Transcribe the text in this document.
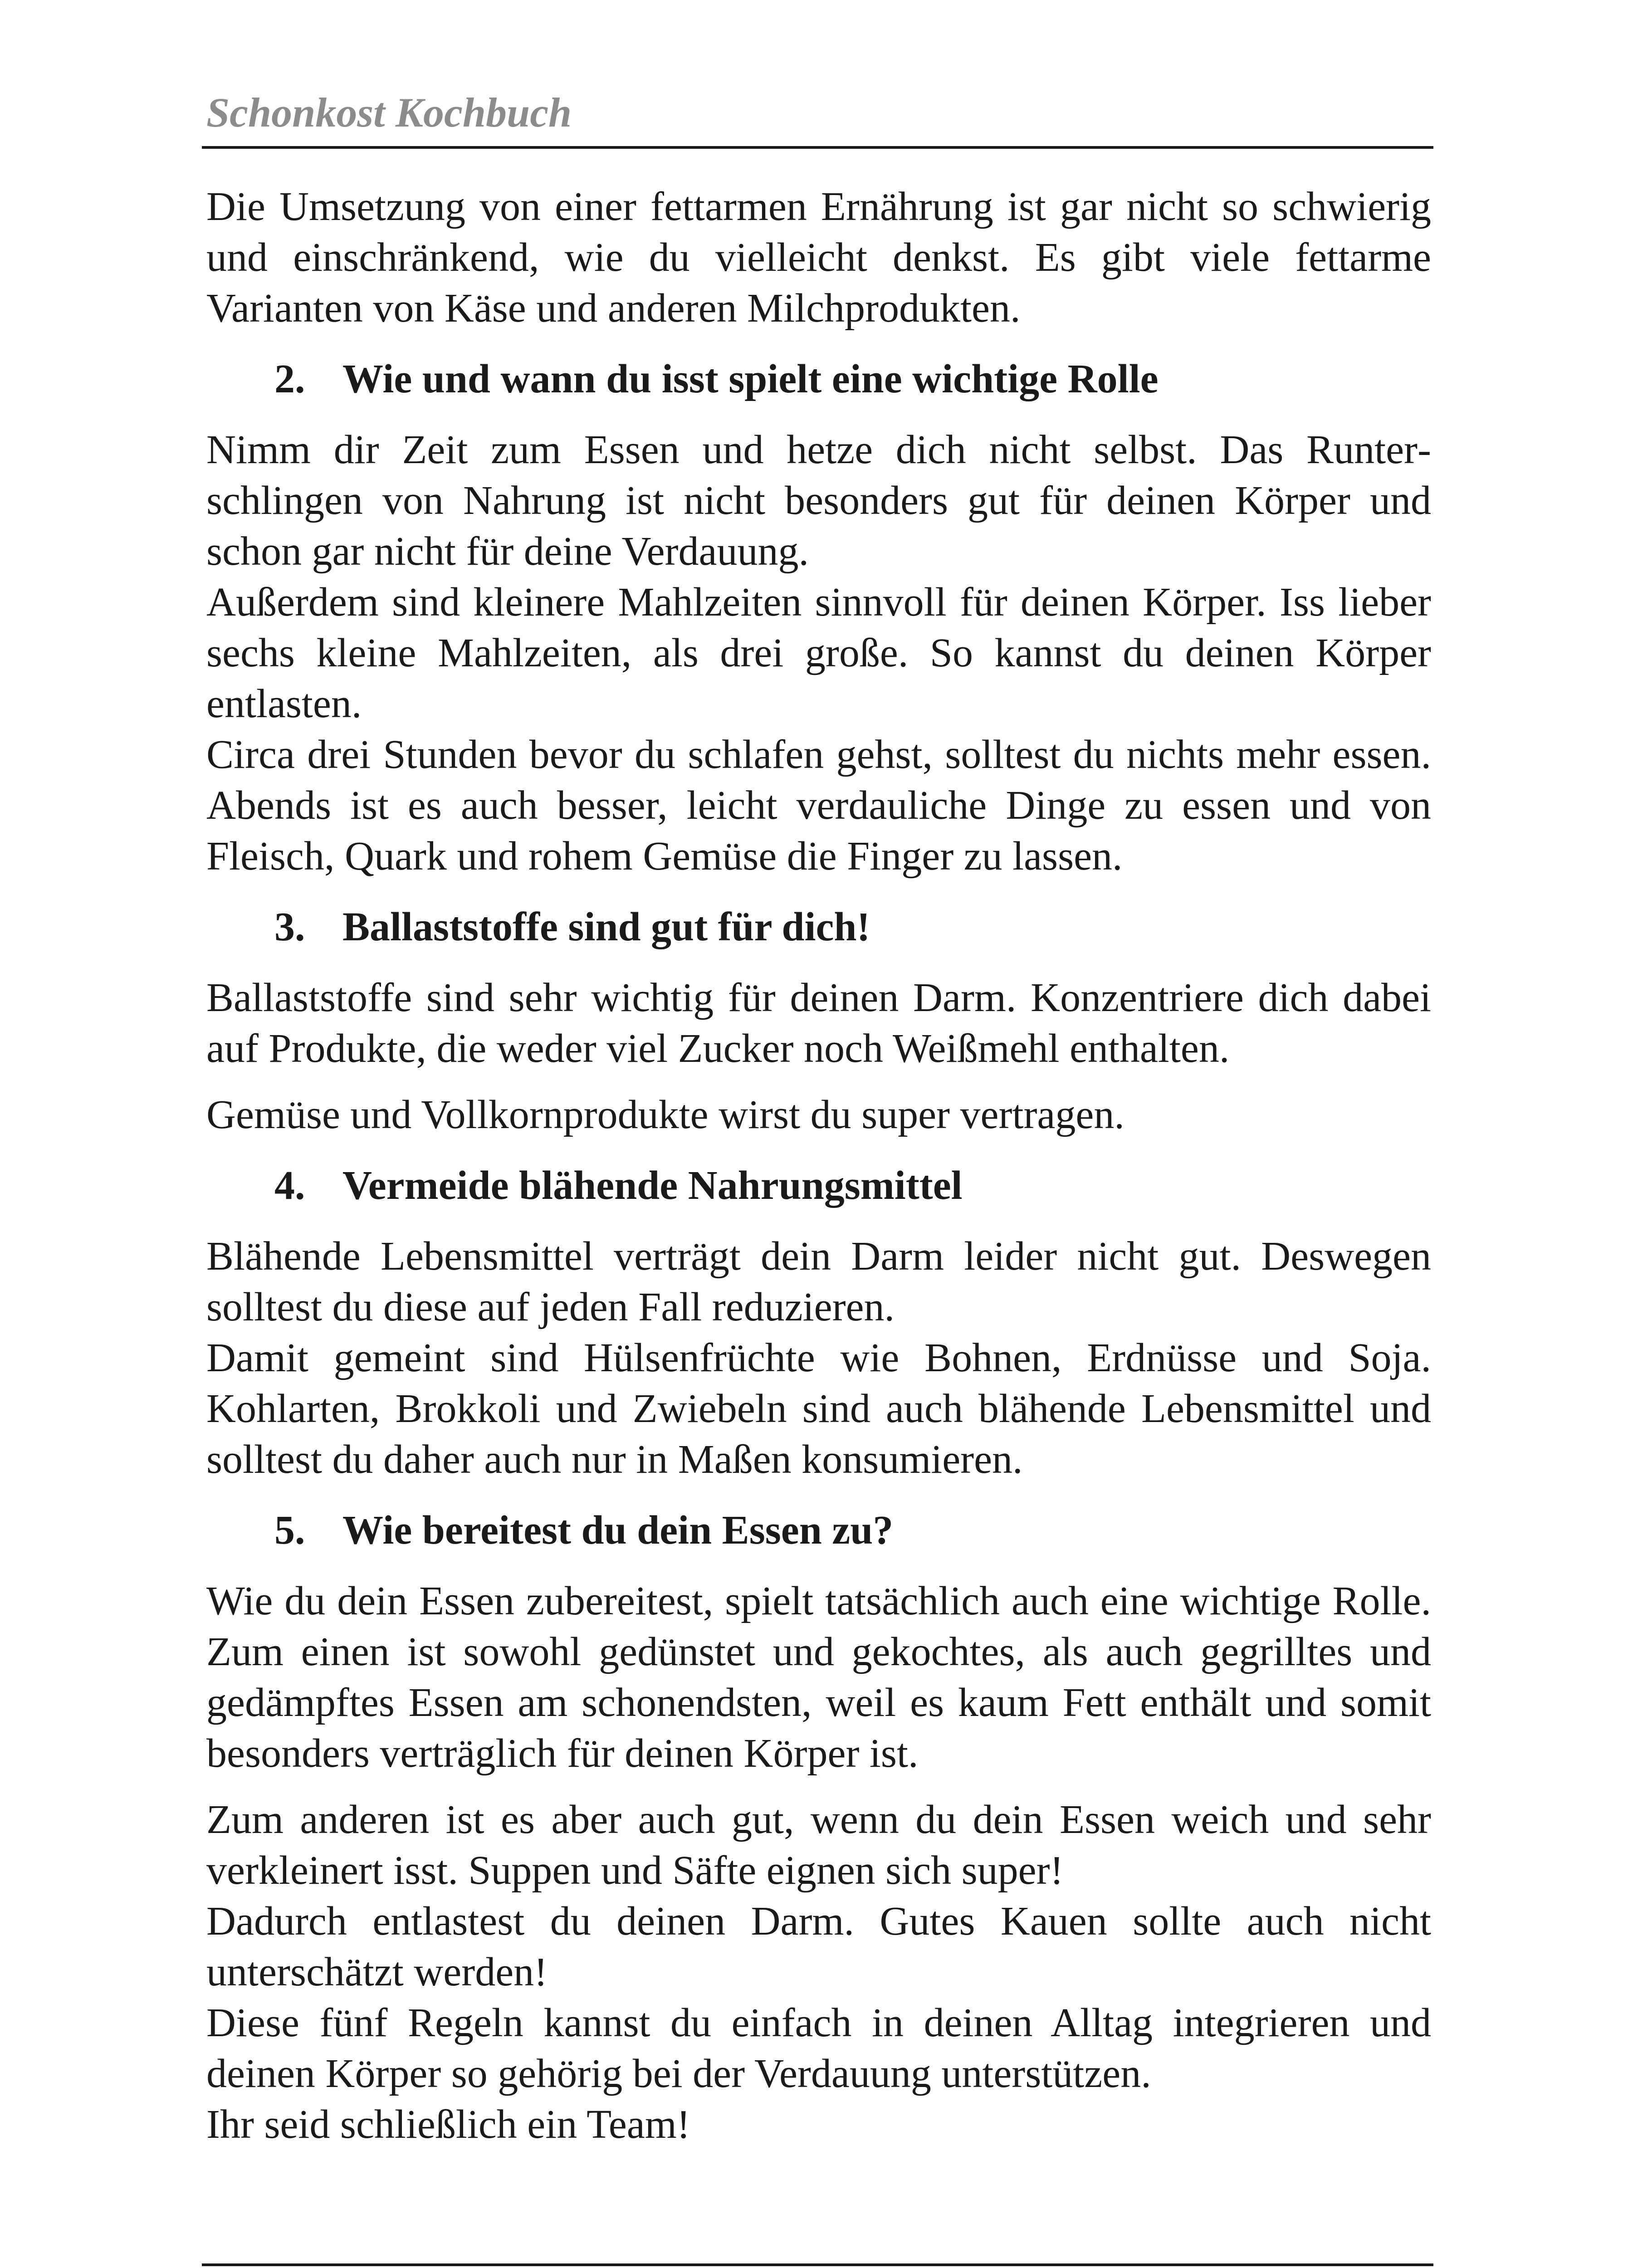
Schonkost Kochbuch

Die Umsetzung von einer fettarmen Ernährung ist gar nicht so schwierig und einschränkend, wie du vielleicht denkst. Es gibt viele fettarme Varianten von Käse und anderen Milchprodukten.

2. Wie und wann du isst spielt eine wichtige Rolle

Nimm dir Zeit zum Essen und hetze dich nicht selbst. Das Runterschlingen von Nahrung ist nicht besonders gut für deinen Körper und schon gar nicht für deine Verdauung.

Außerdem sind kleinere Mahlzeiten sinnvoll für deinen Körper. Iss lieber sechs kleine Mahlzeiten, als drei große. So kannst du deinen Körper entlasten.

Circa drei Stunden bevor du schlafen gehst, solltest du nichts mehr essen. Abends ist es auch besser, leicht verdauliche Dinge zu essen und von Fleisch, Quark und rohem Gemüse die Finger zu lassen.

3. Ballaststoffe sind gut für dich!

Ballaststoffe sind sehr wichtig für deinen Darm. Konzentriere dich dabei auf Produkte, die weder viel Zucker noch Weißmehl enthalten.

Gemüse und Vollkornprodukte wirst du super vertragen.

4. Vermeide blähende Nahrungsmittel

Blähende Lebensmittel verträgt dein Darm leider nicht gut. Deswegen solltest du diese auf jeden Fall reduzieren.

Damit gemeint sind Hülsenfrüchte wie Bohnen, Erdnüsse und Soja. Kohlarten, Brokkoli und Zwiebeln sind auch blähende Lebensmittel und solltest du daher auch nur in Maßen konsumieren.

5. Wie bereitest du dein Essen zu?

Wie du dein Essen zubereitest, spielt tatsächlich auch eine wichtige Rolle. Zum einen ist sowohl gedünstet und gekochtes, als auch gegrilltes und gedämpftes Essen am schonendsten, weil es kaum Fett enthält und somit besonders verträglich für deinen Körper ist.

Zum anderen ist es aber auch gut, wenn du dein Essen weich und sehr verkleinert isst. Suppen und Säfte eignen sich super!

Dadurch entlastest du deinen Darm. Gutes Kauen sollte auch nicht unterschätzt werden!

Diese fünf Regeln kannst du einfach in deinen Alltag integrieren und deinen Körper so gehörig bei der Verdauung unterstützen.

Ihr seid schließlich ein Team!
